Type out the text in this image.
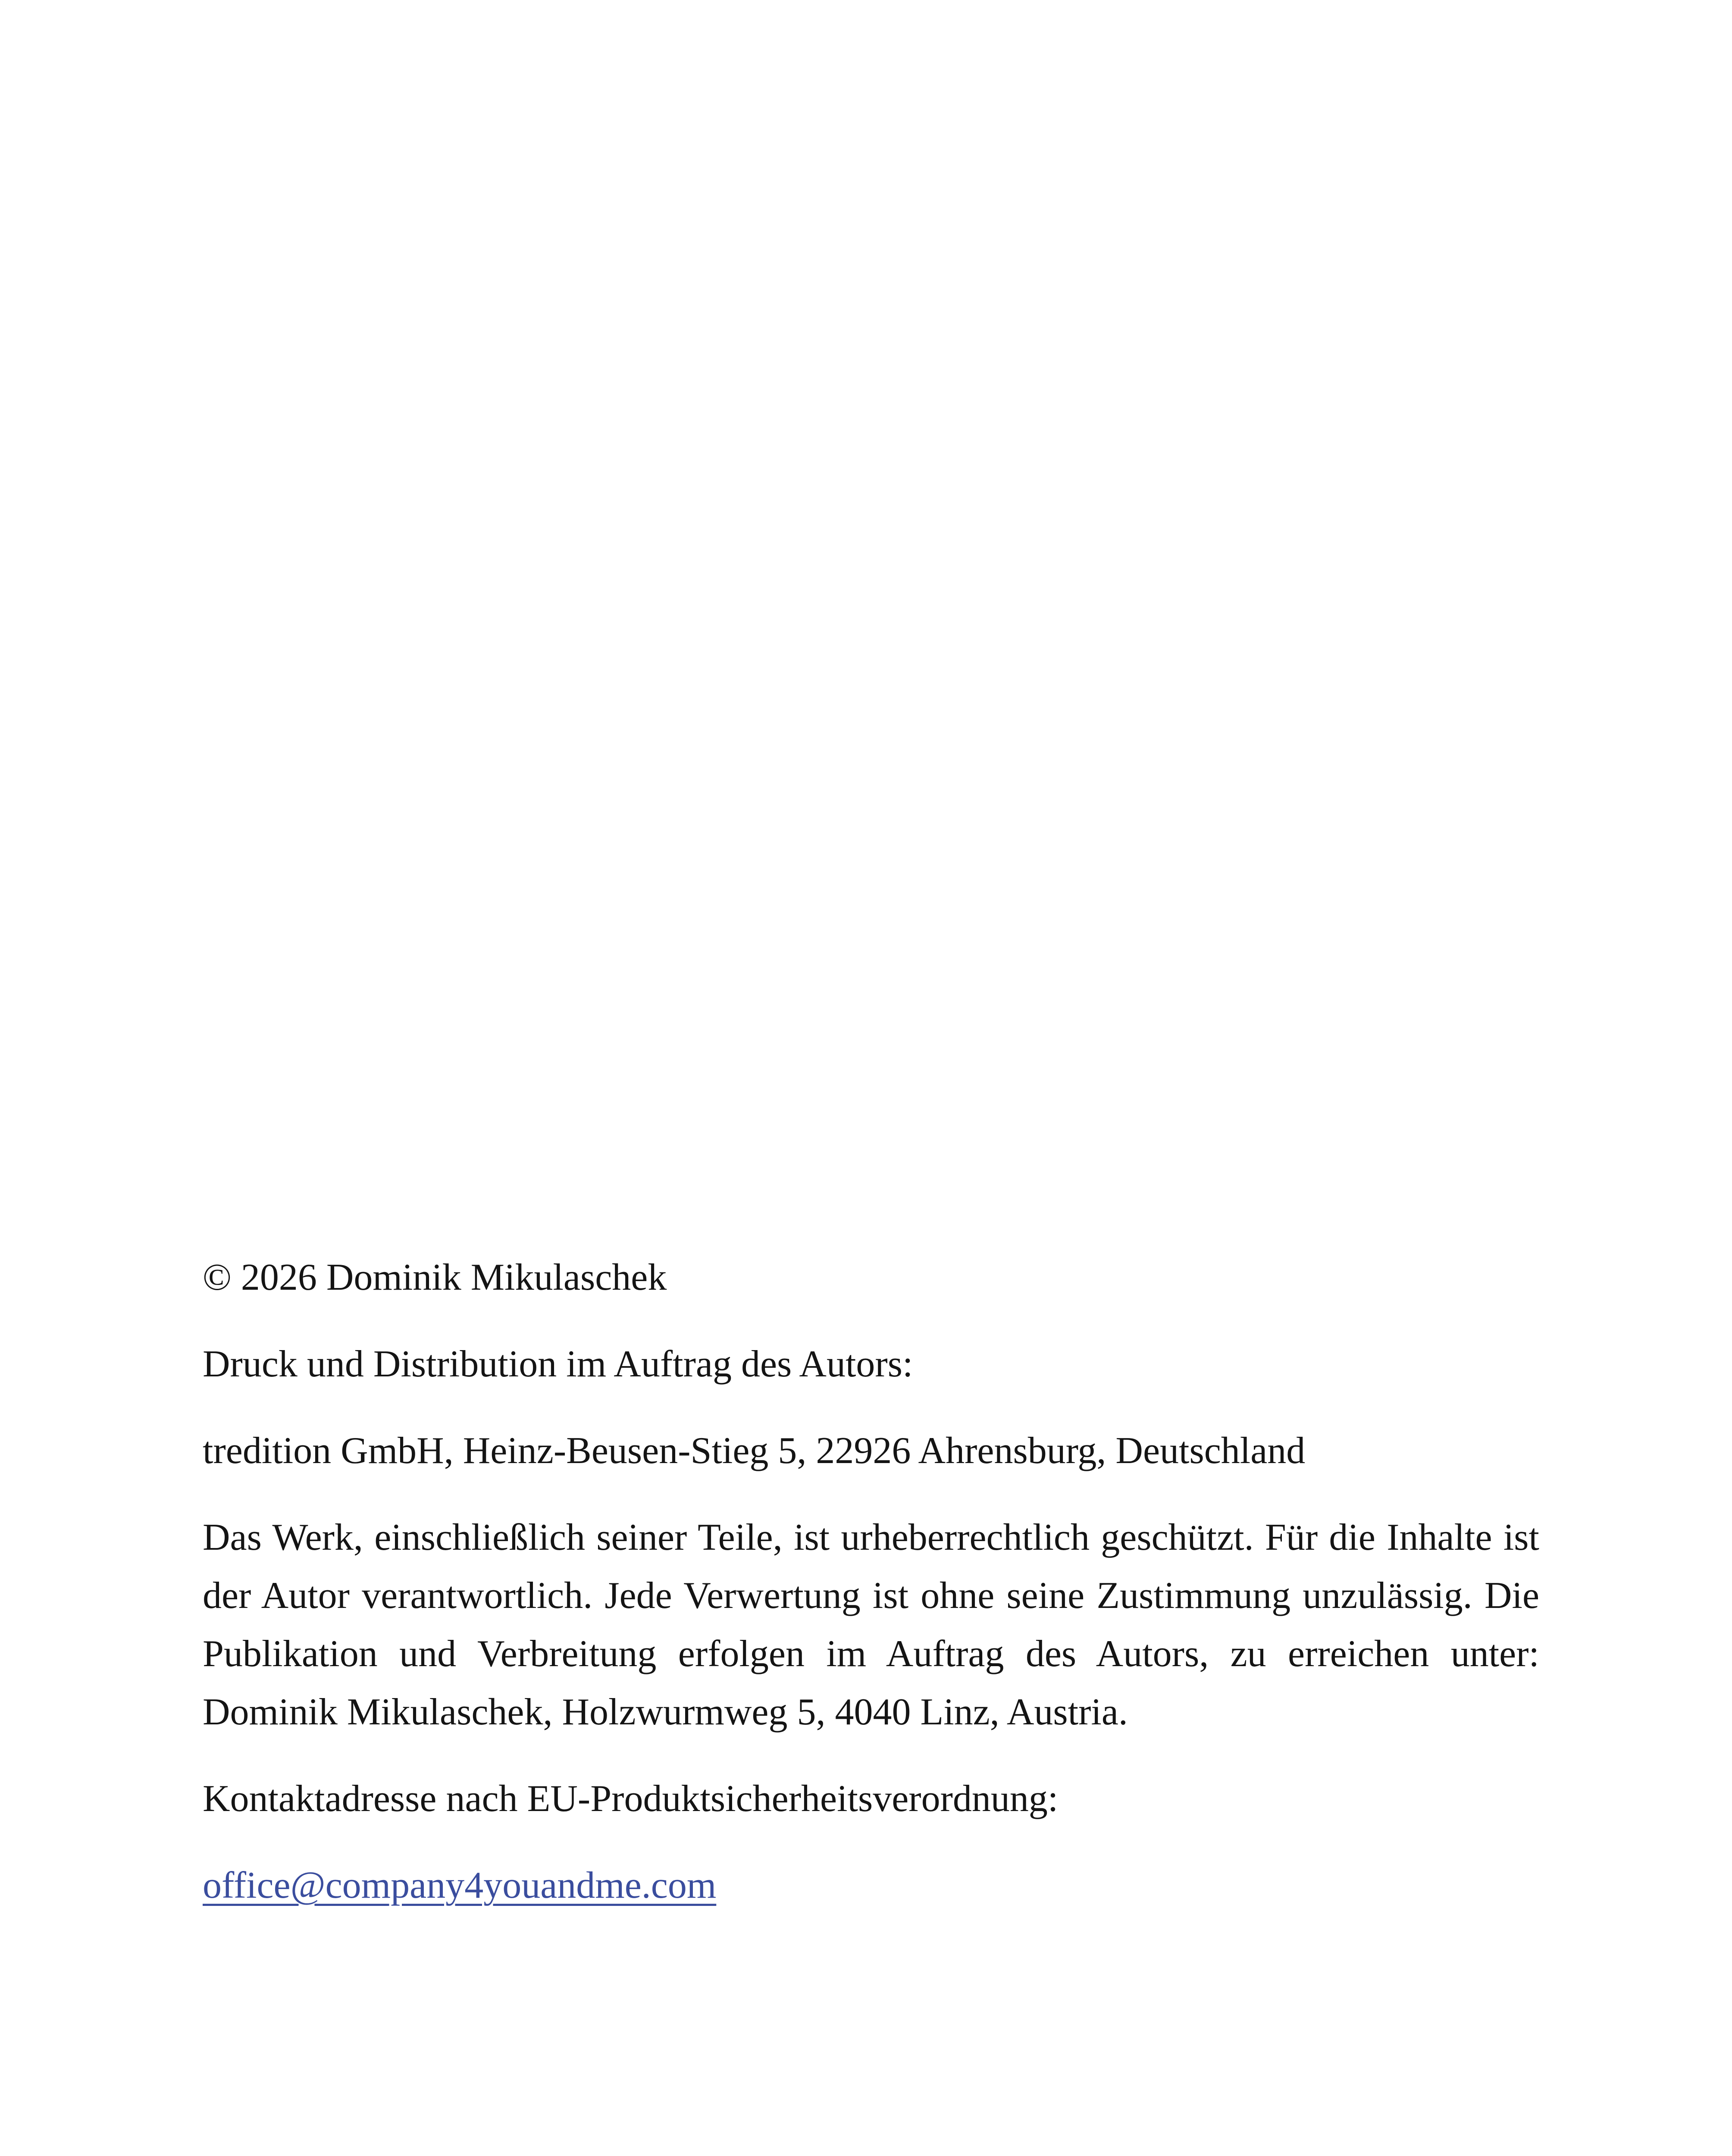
© 2026 Dominik Mikulaschek

Druck und Distribution im Auftrag des Autors:

tredition GmbH, Heinz-Beusen-Stieg 5, 22926 Ahrensburg, Deutschland

Das Werk, einschließlich seiner Teile, ist urheberrechtlich geschützt. Für die Inhalte ist der Autor verantwortlich. Jede Verwertung ist ohne seine Zustimmung unzulässig. Die Publikation und Verbreitung erfolgen im Auftrag des Autors, zu erreichen unter: Dominik Mikulaschek, Holzwurmweg 5, 4040 Linz, Austria.

Kontaktadresse nach EU-Produktsicherheitsverordnung:

office@company4youandme.com
